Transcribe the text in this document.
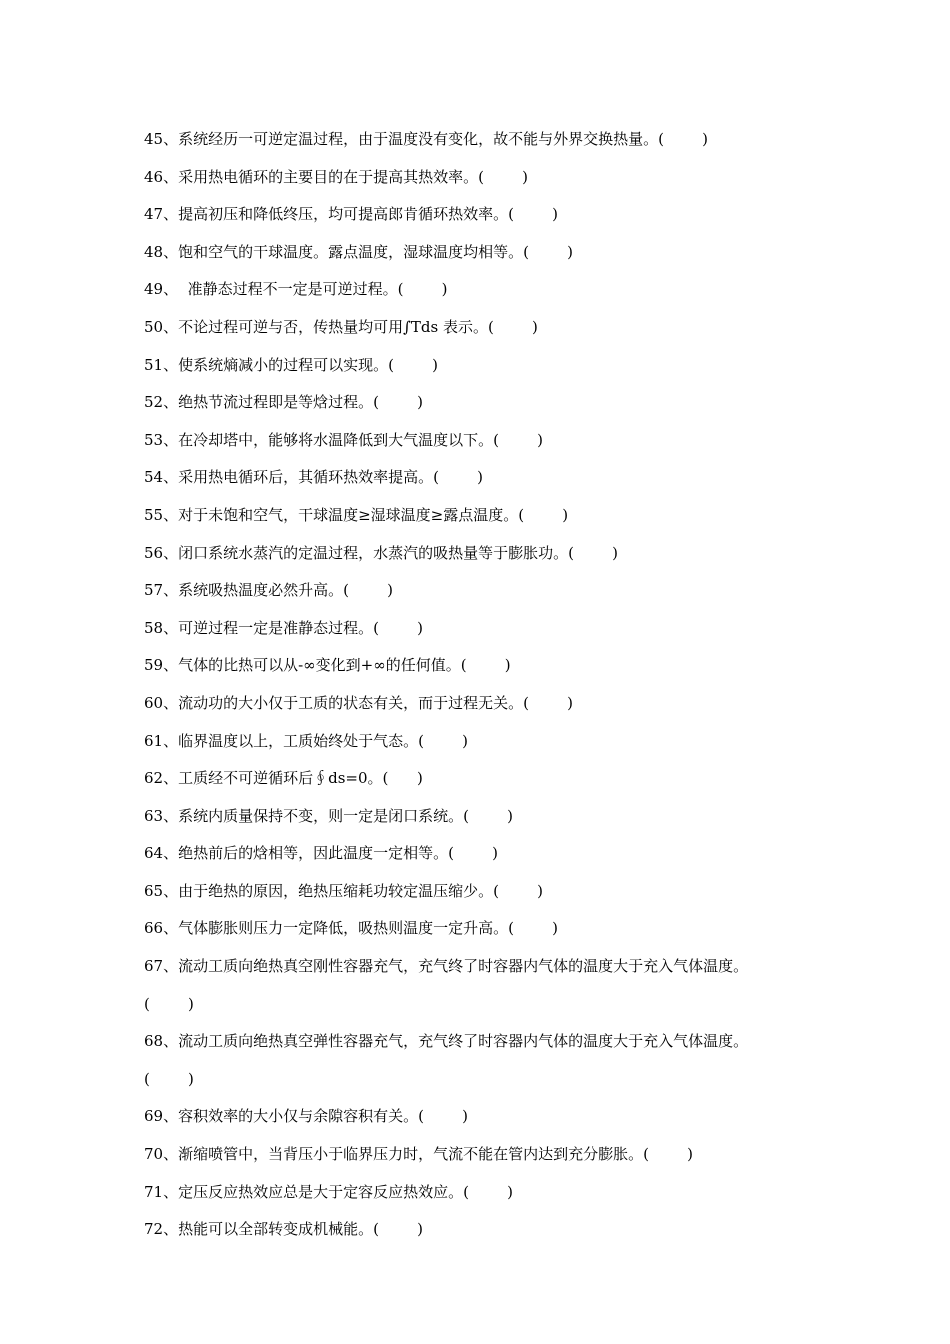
45、系统经历一可逆定温过程，由于温度没有变化，故不能与外界交换热量。(        )
46、采用热电循环的主要目的在于提高其热效率。(        )
47、提高初压和降低终压，均可提高郎肯循环热效率。(        )
48、饱和空气的干球温度。露点温度，湿球温度均相等。(        )
49、  准静态过程不一定是可逆过程。(        )
50、不论过程可逆与否，传热量均可用∫Tds 表示。(        )
51、使系统熵减小的过程可以实现。(        )
52、绝热节流过程即是等焓过程。(        )
53、在冷却塔中，能够将水温降低到大气温度以下。(        )
54、采用热电循环后，其循环热效率提高。(        )
55、对于未饱和空气，干球温度≥湿球温度≥露点温度。(        )
56、闭口系统水蒸汽的定温过程，水蒸汽的吸热量等于膨胀功。(        )
57、系统吸热温度必然升高。(        )
58、可逆过程一定是准静态过程。(        )
59、气体的比热可以从-∞变化到+∞的任何值。(        )
60、流动功的大小仅于工质的状态有关，而于过程无关。(        )
61、临界温度以上，工质始终处于气态。(        )
62、工质经不可逆循环后∮ds=0。(      )
63、系统内质量保持不变，则一定是闭口系统。(        )
64、绝热前后的焓相等，因此温度一定相等。(        )
65、由于绝热的原因，绝热压缩耗功较定温压缩少。(        )
66、气体膨胀则压力一定降低，吸热则温度一定升高。(        )
67、流动工质向绝热真空刚性容器充气，充气终了时容器内气体的温度大于充入气体温度。
(        )
68、流动工质向绝热真空弹性容器充气，充气终了时容器内气体的温度大于充入气体温度。
(        )
69、容积效率的大小仅与余隙容积有关。(        )
70、渐缩喷管中，当背压小于临界压力时，气流不能在管内达到充分膨胀。(        )
71、定压反应热效应总是大于定容反应热效应。(        )
72、热能可以全部转变成机械能。(        )
